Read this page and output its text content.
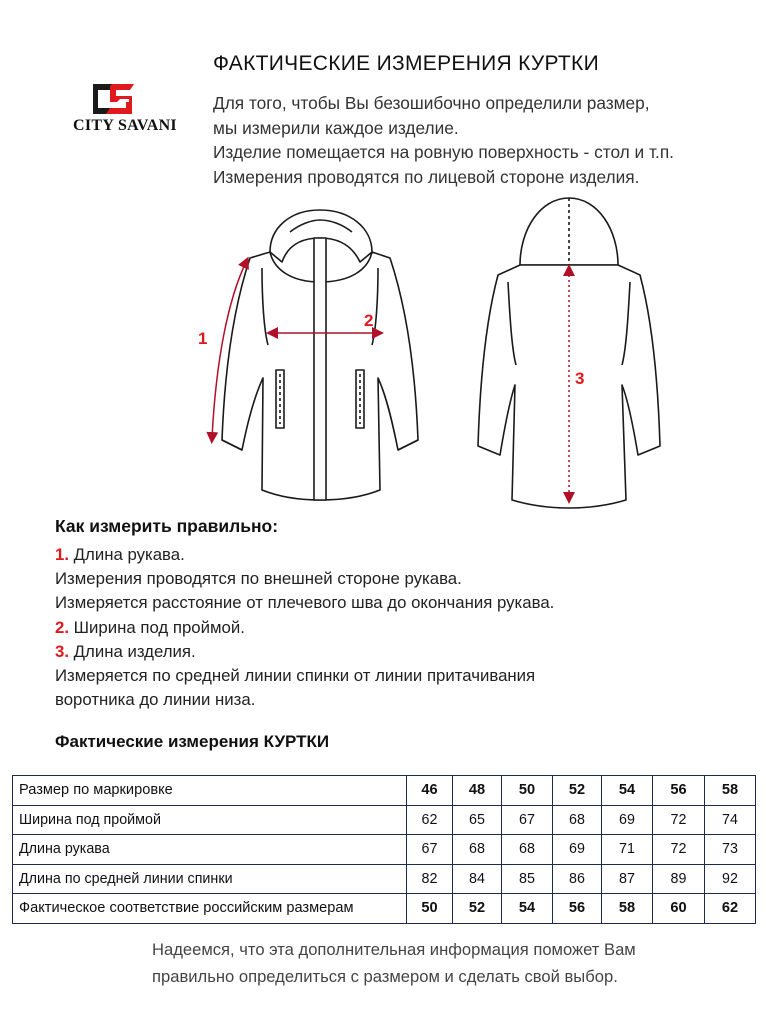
CITY SAVANI
ФАКТИЧЕСКИЕ ИЗМЕРЕНИЯ КУРТКИ
Для того, чтобы Вы безошибочно определили размер,
мы измерили каждое изделие.
Изделие помещается на ровную поверхность - стол и т.п.
Измерения проводятся по лицевой стороне изделия.
1
2
3
Как измерить правильно:
1. Длина рукава.
Измерения проводятся по внешней стороне рукава.
Измеряется расстояние от плечевого шва до окончания рукава.
2. Ширина под проймой.
3. Длина изделия.
Измеряется по средней линии спинки от линии притачивания
воротника до линии низа.
Фактические измерения КУРТКИ
Размер по маркировке	46	48	50	52	54	56	58
Ширина под проймой	62	65	67	68	69	72	74
Длина рукава	67	68	68	69	71	72	73
Длина по средней линии спинки	82	84	85	86	87	89	92
Фактическое соответствие российским размерам	50	52	54	56	58	60	62
Надеемся, что эта дополнительная информация поможет Вам
правильно определиться с размером и сделать свой выбор.
